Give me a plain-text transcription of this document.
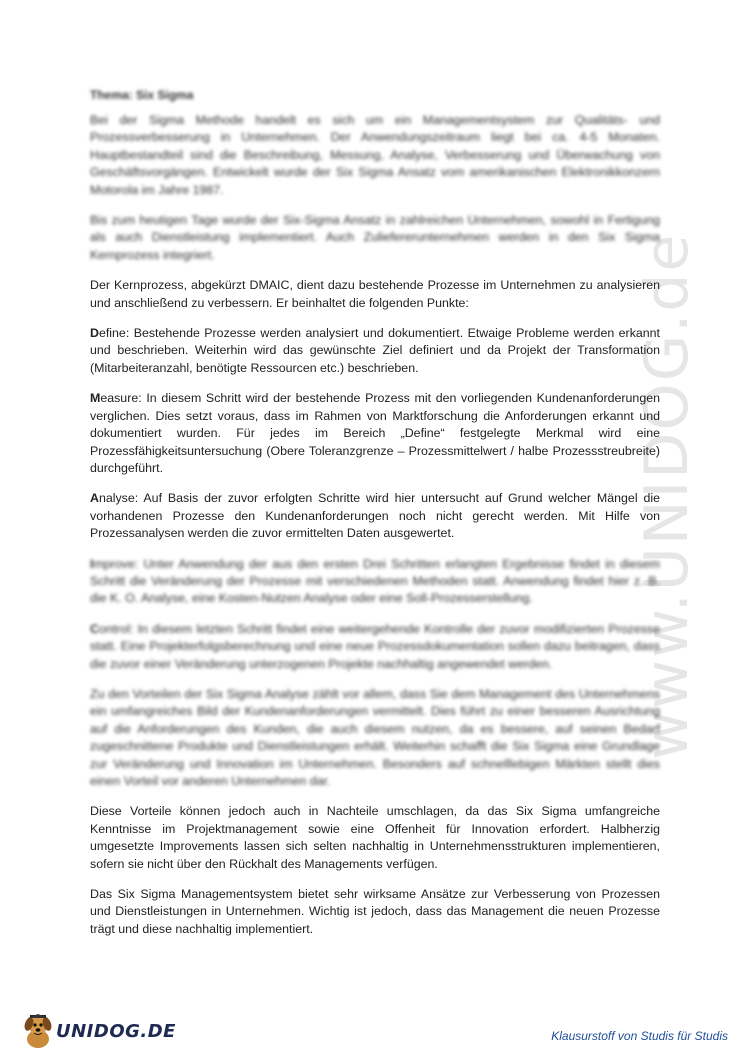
www.UNIDOG.de
Thema: Six Sigma
Bei der Sigma Methode handelt es sich um ein Managementsystem zur Qualitäts- und Prozessverbesserung in Unternehmen. Der Anwendungszeitraum liegt bei ca. 4-5 Monaten. Hauptbestandteil sind die Beschreibung, Messung, Analyse, Verbesserung und Überwachung von Geschäftsvorgängen. Entwickelt wurde der Six Sigma Ansatz vom amerikanischen Elektronikkonzern Motorola im Jahre 1987.
Bis zum heutigen Tage wurde der Six-Sigma Ansatz in zahlreichen Unternehmen, sowohl in Fertigung als auch Dienstleistung implementiert. Auch Zuliefererunternehmen werden in den Six Sigma Kernprozess integriert.
Der Kernprozess, abgekürzt DMAIC, dient dazu bestehende Prozesse im Unternehmen zu analysieren und anschließend zu verbessern. Er beinhaltet die folgenden Punkte:
Define: Bestehende Prozesse werden analysiert und dokumentiert. Etwaige Probleme werden erkannt und beschrieben. Weiterhin wird das gewünschte Ziel definiert und da Projekt der Transformation (Mitarbeiteranzahl, benötigte Ressourcen etc.) beschrieben.
Measure: In diesem Schritt wird der bestehende Prozess mit den vorliegenden Kundenanforderungen verglichen. Dies setzt voraus, dass im Rahmen von Marktforschung die Anforderungen erkannt und dokumentiert wurden. Für jedes im Bereich „Define“ festgelegte Merkmal wird eine Prozessfähigkeitsuntersuchung (Obere Toleranzgrenze – Prozessmittelwert / halbe Prozessstreubreite) durchgeführt.
Analyse: Auf Basis der zuvor erfolgten Schritte wird hier untersucht auf Grund welcher Mängel die vorhandenen Prozesse den Kundenanforderungen noch nicht gerecht werden. Mit Hilfe von Prozessanalysen werden die zuvor ermittelten Daten ausgewertet.
Improve: Unter Anwendung der aus den ersten Drei Schritten erlangten Ergebnisse findet in diesem Schritt die Veränderung der Prozesse mit verschiedenen Methoden statt. Anwendung findet hier z. B. die K. O. Analyse, eine Kosten-Nutzen Analyse oder eine Soll-Prozesserstellung.
Control: In diesem letzten Schritt findet eine weitergehende Kontrolle der zuvor modifizierten Prozesse statt. Eine Projekterfolgsberechnung und eine neue Prozessdokumentation sollen dazu beitragen, dass die zuvor einer Veränderung unterzogenen Projekte nachhaltig angewendet werden.
Zu den Vorteilen der Six Sigma Analyse zählt vor allem, dass Sie dem Management des Unternehmens ein umfangreiches Bild der Kundenanforderungen vermittelt. Dies führt zu einer besseren Ausrichtung auf die Anforderungen des Kunden, die auch diesem nutzen, da es bessere, auf seinen Bedarf zugeschnittene Produkte und Dienstleistungen erhält. Weiterhin schafft die Six Sigma eine Grundlage zur Veränderung und Innovation im Unternehmen. Besonders auf schnelllebigen Märkten stellt dies einen Vorteil vor anderen Unternehmen dar.
Diese Vorteile können jedoch auch in Nachteile umschlagen, da das Six Sigma umfangreiche Kenntnisse im Projektmanagement sowie eine Offenheit für Innovation erfordert. Halbherzig umgesetzte Improvements lassen sich selten nachhaltig in Unternehmensstrukturen implementieren, sofern sie nicht über den Rückhalt des Managements verfügen.
Das Six Sigma Managementsystem bietet sehr wirksame Ansätze zur Verbesserung von Prozessen und Dienstleistungen in Unternehmen. Wichtig ist jedoch, dass das Management die neuen Prozesse trägt und diese nachhaltig implementiert.
UNIDOG.DE	Klausurstoff von Studis für Studis
